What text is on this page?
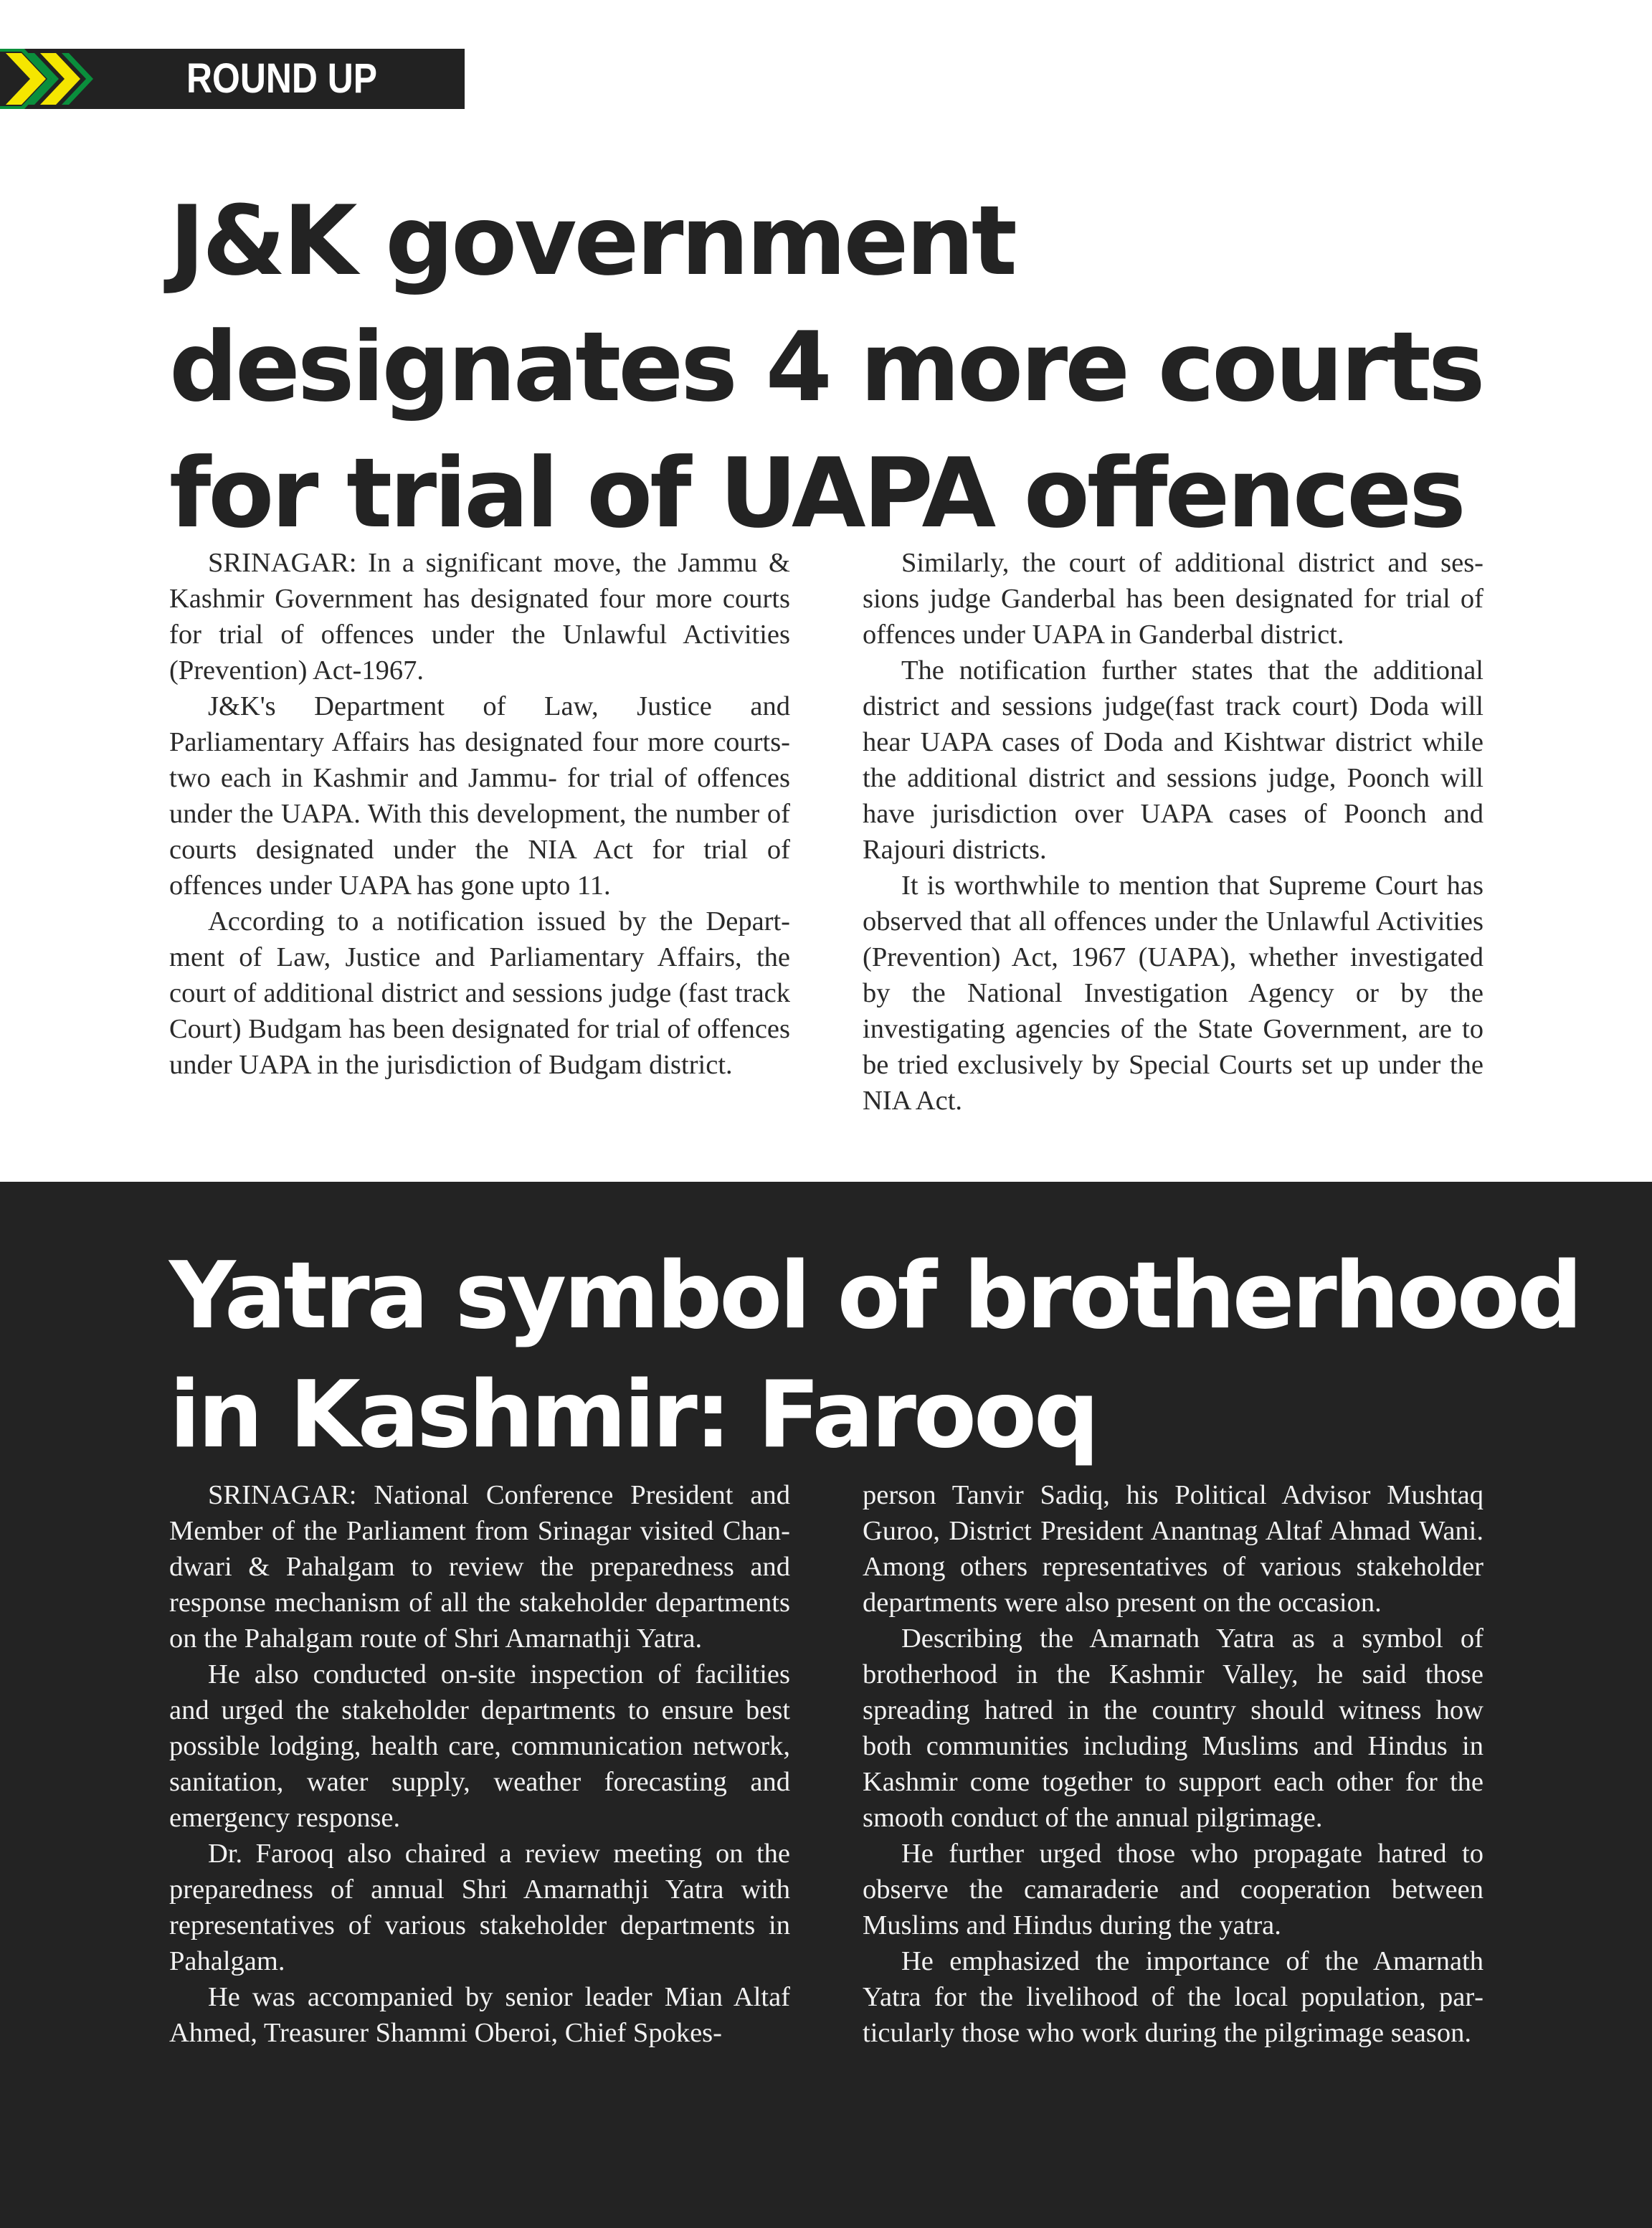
ROUND UP
J&K government
designates 4 more courts
for trial of UAPA offences

SRINAGAR: In a significant move, the Jammu & Kashmir Government has designated four more courts for trial of offences under the Unlawful Activities (Prevention) Act-1967.

J&K's Department of Law, Justice and Parliamentary Affairs has designated four more courts- two each in Kashmir and Jammu- for trial of offences under the UAPA. With this development, the number of courts designated under the NIA Act for trial of offences under UAPA has gone upto 11.

According to a notification issued by the Department of Law, Justice and Parliamentary Affairs, the court of additional district and sessions judge (fast track Court) Budgam has been designated for trial of offences under UAPA in the jurisdiction of Budgam district.

Similarly, the court of additional district and sessions judge Ganderbal has been designated for trial of offences under UAPA in Ganderbal district.

The notification further states that the additional district and sessions judge(fast track court) Doda will hear UAPA cases of Doda and Kishtwar district while the additional district and sessions judge, Poonch will have jurisdiction over UAPA cases of Poonch and Rajouri districts.

It is worthwhile to mention that Supreme Court has observed that all offences under the Unlawful Activities (Prevention) Act, 1967 (UAPA), whether investigated by the National Investigation Agency or by the investigating agencies of the State Government, are to be tried exclusively by Special Courts set up under the NIA Act.

Yatra symbol of brotherhood
in Kashmir: Farooq

SRINAGAR: National Conference President and Member of the Parliament from Srinagar visited Chandwari & Pahalgam to review the preparedness and response mechanism of all the stakeholder departments on the Pahalgam route of Shri Amarnathji Yatra.

He also conducted on-site inspection of facilities and urged the stakeholder departments to ensure best possible lodging, health care, communication network, sanitation, water supply, weather forecasting and emergency response.

Dr. Farooq also chaired a review meeting on the preparedness of annual Shri Amarnathji Yatra with representatives of various stakeholder departments in Pahalgam.

He was accompanied by senior leader Mian Altaf Ahmed, Treasurer Shammi Oberoi, Chief Spokes-

person Tanvir Sadiq, his Political Advisor Mushtaq Guroo, District President Anantnag Altaf Ahmad Wani. Among others representatives of various stakeholder departments were also present on the occasion.

Describing the Amarnath Yatra as a symbol of brotherhood in the Kashmir Valley, he said those spreading hatred in the country should witness how both communities including Muslims and Hindus in Kashmir come together to support each other for the smooth conduct of the annual pilgrimage.

He further urged those who propagate hatred to observe the camaraderie and cooperation between Muslims and Hindus during the yatra.

He emphasized the importance of the Amarnath Yatra for the livelihood of the local population, particularly those who work during the pilgrimage season.
